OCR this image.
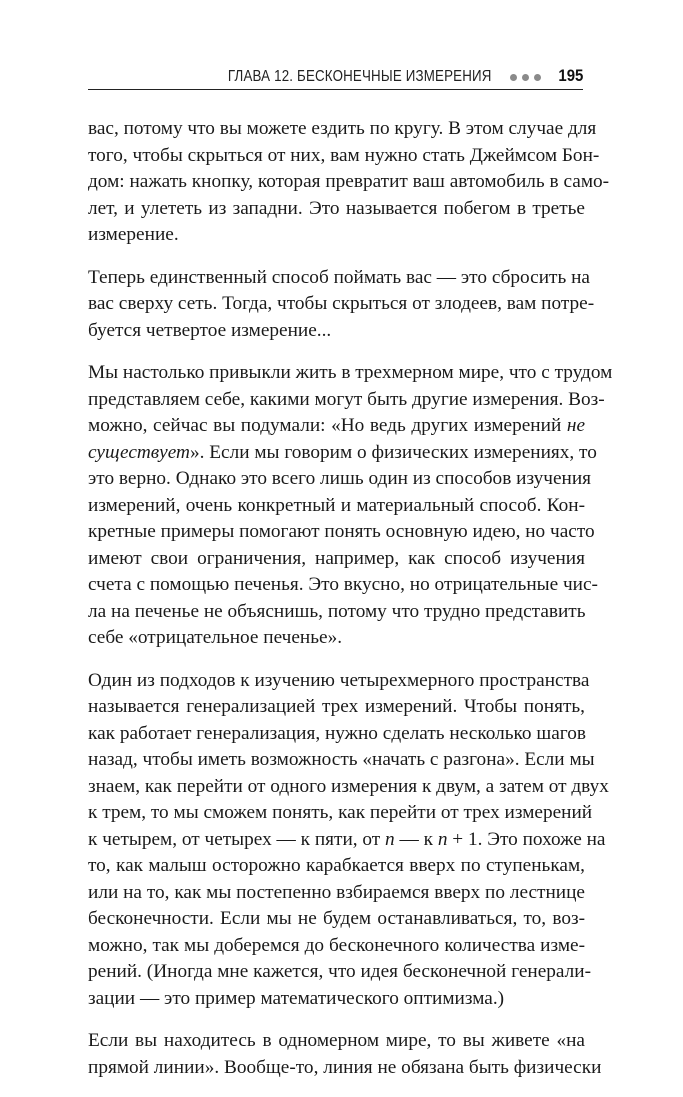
ГЛАВА 12. БЕСКОНЕЧНЫЕ ИЗМЕРЕНИЯ	195

вас, потому что вы можете ездить по кругу. В этом случае для
того, чтобы скрыться от них, вам нужно стать Джеймсом Бон-
дом: нажать кнопку, которая превратит ваш автомобиль в само-
лет, и улететь из западни. Это называется побегом в третье
измерение.

Теперь единственный способ поймать вас — это сбросить на
вас сверху сеть. Тогда, чтобы скрыться от злодеев, вам потре-
буется четвертое измерение...

Мы настолько привыкли жить в трехмерном мире, что с трудом
представляем себе, какими могут быть другие измерения. Воз-
можно, сейчас вы подумали: «Но ведь других измерений не
существует». Если мы говорим о физических измерениях, то
это верно. Однако это всего лишь один из способов изучения
измерений, очень конкретный и материальный способ. Кон-
кретные примеры помогают понять основную идею, но часто
имеют свои ограничения, например, как способ изучения
счета с помощью печенья. Это вкусно, но отрицательные чис-
ла на печенье не объяснишь, потому что трудно представить
себе «отрицательное печенье».

Один из подходов к изучению четырехмерного пространства
называется генерализацией трех измерений. Чтобы понять,
как работает генерализация, нужно сделать несколько шагов
назад, чтобы иметь возможность «начать с разгона». Если мы
знаем, как перейти от одного измерения к двум, а затем от двух
к трем, то мы сможем понять, как перейти от трех измерений
к четырем, от четырех — к пяти, от n — к n + 1. Это похоже на
то, как малыш осторожно карабкается вверх по ступенькам,
или на то, как мы постепенно взбираемся вверх по лестнице
бесконечности. Если мы не будем останавливаться, то, воз-
можно, так мы доберемся до бесконечного количества изме-
рений. (Иногда мне кажется, что идея бесконечной генерали-
зации — это пример математического оптимизма.)

Если вы находитесь в одномерном мире, то вы живете «на
прямой линии». Вообще-то, линия не обязана быть физически
